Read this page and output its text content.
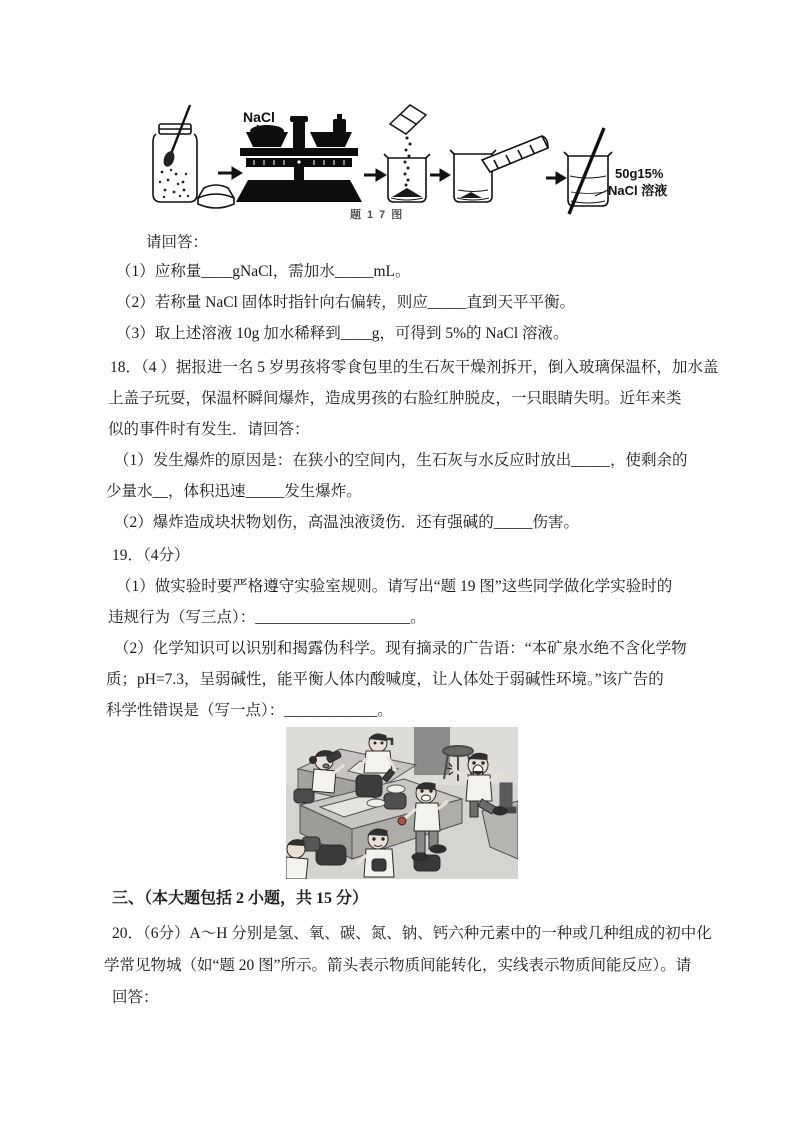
NaCl
题17图
50g15%
NaCl 溶液
请回答：
（1）应称量____gNaCl，需加水_____mL。
（2）若称量 NaCl 固体时指针向右偏转，则应_____直到天平平衡。
（3）取上述溶液 10g 加水稀释到____g，可得到 5%的 NaCl 溶液。
18．（4 ）据报进一名 5 岁男孩将零食包里的生石灰干燥剂拆开，倒入玻璃保温杯，加水盖
上盖子玩耍，保温杯瞬间爆炸，造成男孩的右脸红肿脱皮，一只眼睛失明。近年来类
似的事件时有发生．请回答：
（1）发生爆炸的原因是：在狭小的空间内，生石灰与水反应时放出_____，使剩余的
少量水__，体积迅速_____发生爆炸。
（2）爆炸造成块状物划伤，高温浊液烫伤．还有强碱的_____伤害。
19．（4分）
（1）做实验时要严格遵守实验室规则。请写出“题 19 图”这些同学做化学实验时的
违规行为（写三点）：____________________。
（2）化学知识可以识别和揭露伪科学。现有摘录的广告语：“本矿泉水绝不含化学物
质；pH=7.3，呈弱碱性，能平衡人体内酸喊度，让人体处于弱碱性环境。”该广告的
科学性错误是（写一点）：____________。
三、（本大题包括 2 小题，共 15 分）
20．（6分）A～H 分别是氢、氧、碳、氮、钠、钙六种元素中的一种或几种组成的初中化
学常见物城（如“题 20 图”所示。箭头表示物质间能转化，实线表示物质间能反应）。请
回答：
